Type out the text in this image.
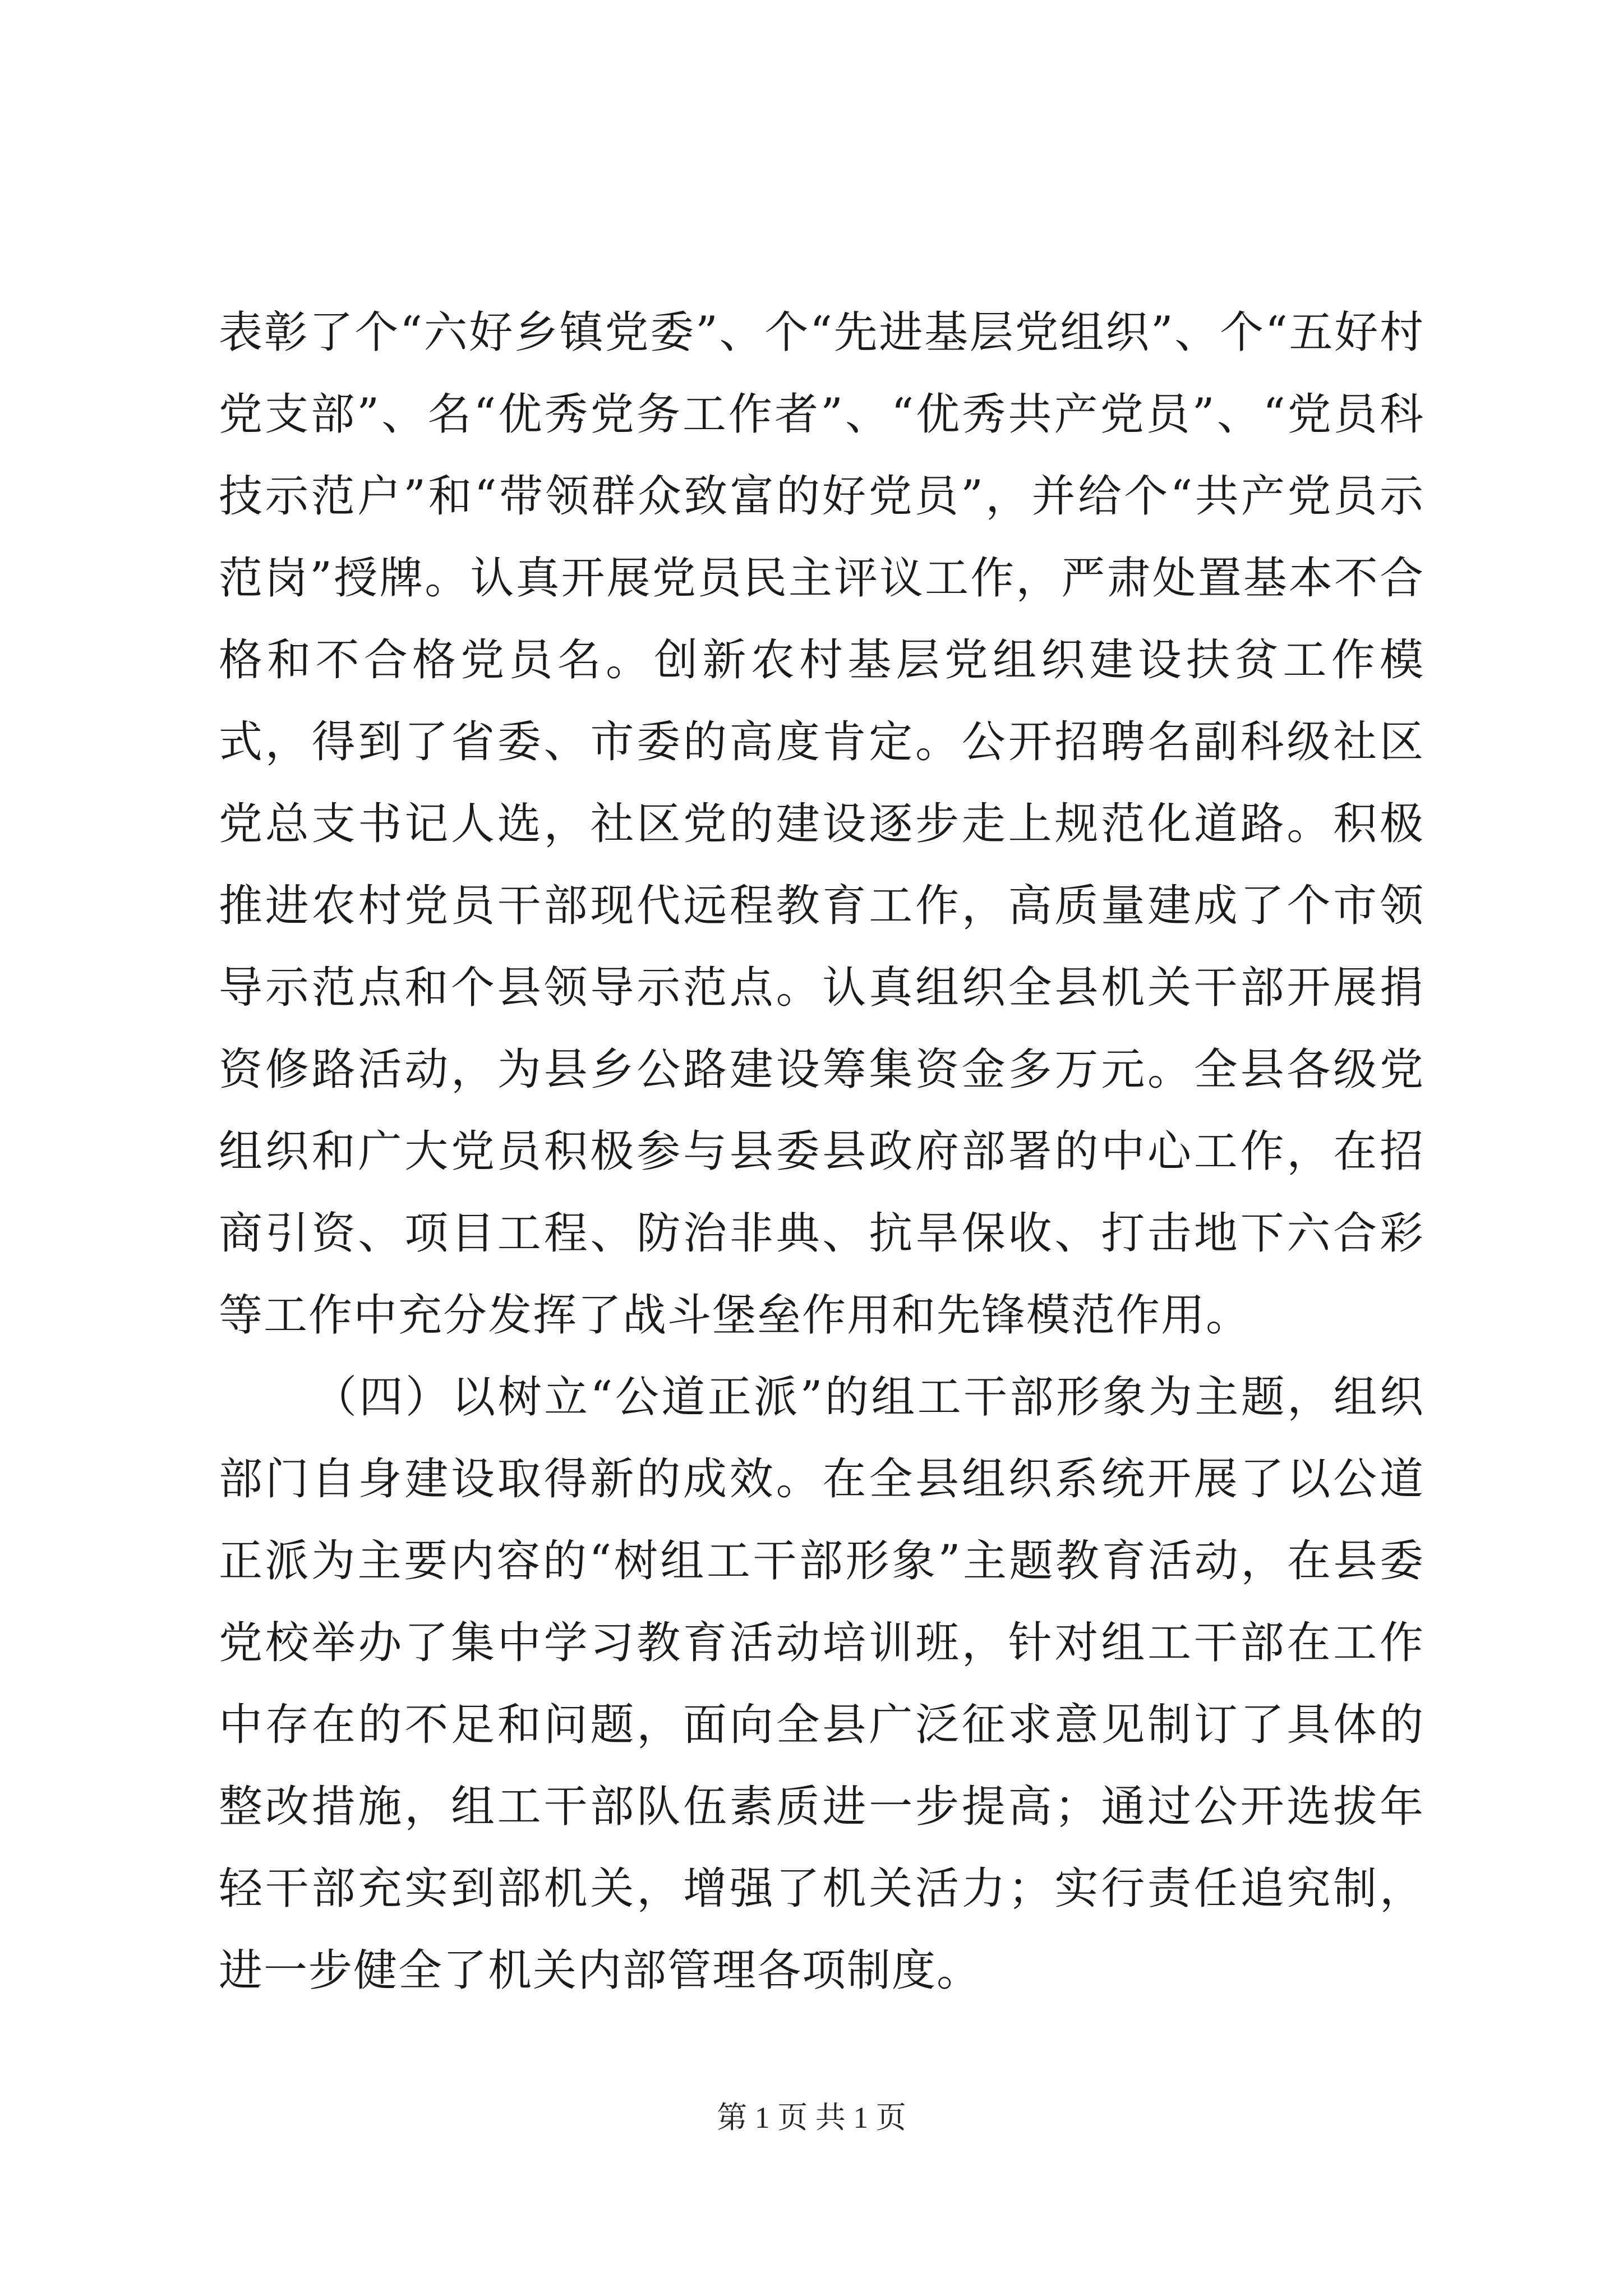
表彰了个“六好乡镇党委”、个“先进基层党组织”、个“五好村党支部”、名“优秀党务工作者”、“优秀共产党员”、“党员科技示范户”和“带领群众致富的好党员”，并给个“共产党员示范岗”授牌。认真开展党员民主评议工作，严肃处置基本不合格和不合格党员名。创新农村基层党组织建设扶贫工作模式，得到了省委、市委的高度肯定。公开招聘名副科级社区党总支书记人选，社区党的建设逐步走上规范化道路。积极推进农村党员干部现代远程教育工作，高质量建成了个市领导示范点和个县领导示范点。认真组织全县机关干部开展捐资修路活动，为县乡公路建设筹集资金多万元。全县各级党组织和广大党员积极参与县委县政府部署的中心工作，在招商引资、项目工程、防治非典、抗旱保收、打击地下六合彩等工作中充分发挥了战斗堡垒作用和先锋模范作用。

（四）以树立“公道正派”的组工干部形象为主题，组织部门自身建设取得新的成效。在全县组织系统开展了以公道正派为主要内容的“树组工干部形象”主题教育活动，在县委党校举办了集中学习教育活动培训班，针对组工干部在工作中存在的不足和问题，面向全县广泛征求意见制订了具体的整改措施，组工干部队伍素质进一步提高；通过公开选拔年轻干部充实到部机关，增强了机关活力；实行责任追究制，进一步健全了机关内部管理各项制度。

第 1 页 共 1 页
